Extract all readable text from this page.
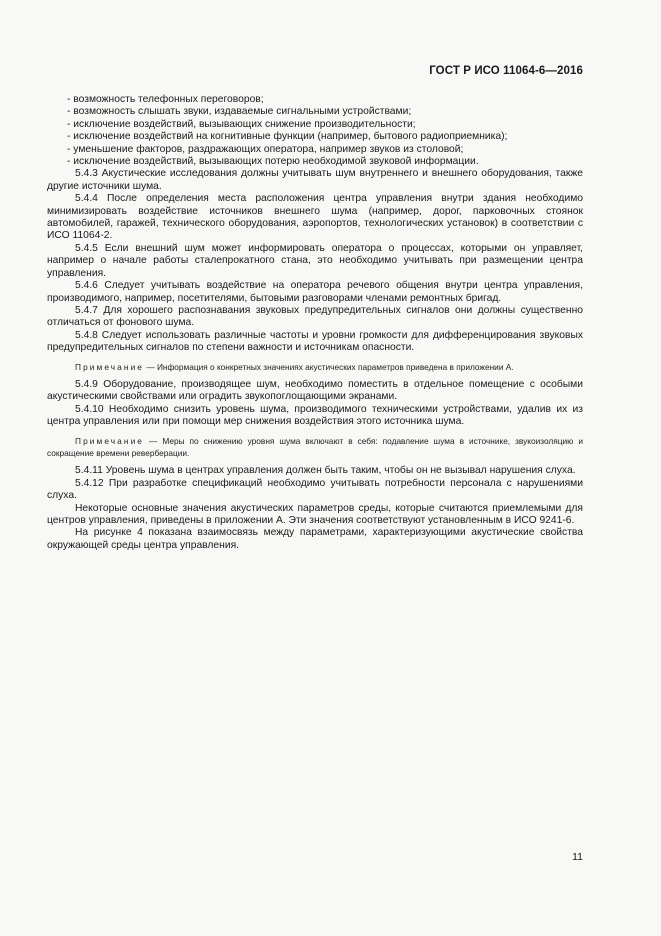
ГОСТ Р ИСО 11064-6—2016
- возможность телефонных переговоров;
- возможность слышать звуки, издаваемые сигнальными устройствами;
- исключение воздействий, вызывающих снижение производительности;
- исключение воздействий на когнитивные функции (например, бытового радиоприемника);
- уменьшение факторов, раздражающих оператора, например звуков из столовой;
- исключение воздействий, вызывающих потерю необходимой звуковой информации.

5.4.3 Акустические исследования должны учитывать шум внутреннего и внешнего оборудования, также другие источники шума.

5.4.4 После определения места расположения центра управления внутри здания необходимо минимизировать воздействие источников внешнего шума (например, дорог, парковочных стоянок автомобилей, гаражей, технического оборудования, аэропортов, технологических установок) в соответствии с ИСО 11064-2.

5.4.5 Если внешний шум может информировать оператора о процессах, которыми он управляет, например о начале работы сталепрокатного стана, это необходимо учитывать при размещении центра управления.

5.4.6 Следует учитывать воздействие на оператора речевого общения внутри центра управления, производимого, например, посетителями, бытовыми разговорами членами ремонтных бригад.

5.4.7 Для хорошего распознавания звуковых предупредительных сигналов они должны существенно отличаться от фонового шума.

5.4.8 Следует использовать различные частоты и уровни громкости для дифференцирования звуковых предупредительных сигналов по степени важности и источникам опасности.

Примечание — Информация о конкретных значениях акустических параметров приведена в приложении А.

5.4.9 Оборудование, производящее шум, необходимо поместить в отдельное помещение с особыми акустическими свойствами или оградить звукопоглощающими экранами.

5.4.10 Необходимо снизить уровень шума, производимого техническими устройствами, удалив их из центра управления или при помощи мер снижения воздействия этого источника шума.

Примечание — Меры по снижению уровня шума включают в себя: подавление шума в источнике, звукоизоляцию и сокращение времени реверберации.

5.4.11 Уровень шума в центрах управления должен быть таким, чтобы он не вызывал нарушения слуха.

5.4.12 При разработке спецификаций необходимо учитывать потребности персонала с нарушениями слуха.

Некоторые основные значения акустических параметров среды, которые считаются приемлемыми для центров управления, приведены в приложении А. Эти значения соответствуют установленным в ИСО 9241-6.

На рисунке 4 показана взаимосвязь между параметрами, характеризующими акустические свойства окружающей среды центра управления.

11
